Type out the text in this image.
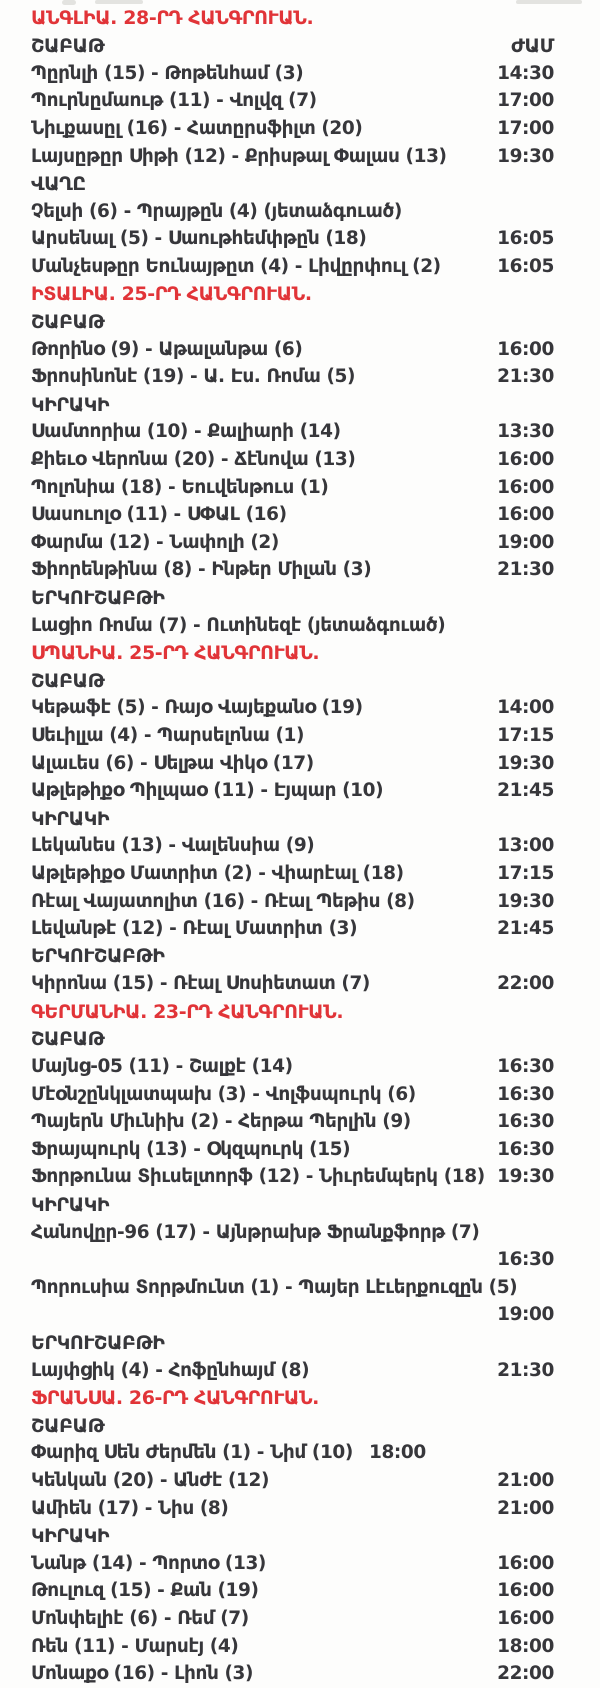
ԱՆԳԼԻԱ. 28-ՐԴ ՀԱՆԳՐՈՒԱՆ.
ՇԱԲԱԹ	ԺԱՄ
Պըրնլի (15) - Թոթենհամ (3)	14:30
Պուրնըմաութ (11) - Վոլվզ (7)	17:00
Նիւքասըլ (16) - Հատըրսֆիլտ (20)	17:00
Լայսըթըր Սիթի (12) - Քրիսթալ Փալաս (13)	19:30
ՎԱՂԸ
Չելսի (6) - Պրայթըն (4) (յետաձգուած)
Արսենալ (5) - Սաութհեմփթըն (18)	16:05
Մանչեսթըր Եունայթըտ (4) - Լիվըրփուլ (2)	16:05
ԻՏԱԼԻԱ. 25-ՐԴ ՀԱՆԳՐՈՒԱՆ.
ՇԱԲԱԹ
Թորինօ (9) - Աթալանթա (6)	16:00
Ֆրոսինոնէ (19) - Ա. Էս. Ռոմա (5)	21:30
ԿԻՐԱԿԻ
Սամտորիա (10) - Քալիարի (14)	13:30
Քիեւօ Վերոնա (20) - Ճէնովա (13)	16:00
Պոլոնիա (18) - Եուվենթուս (1)	16:00
Սասուոլօ (11) - ՍՓԱԼ (16)	16:00
Փարմա (12) - Նափոլի (2)	19:00
Ֆիորենթինա (8) - Ինթեր Միլան (3)	21:30
ԵՐԿՈՒՇԱԲԹԻ
Լացիո Ռոմա (7) - Ուտինեզէ (յետաձգուած)
ՍՊԱՆԻԱ. 25-ՐԴ ՀԱՆԳՐՈՒԱՆ.
ՇԱԲԱԹ
Կեթաֆէ (5) - Ռայօ Վայեքանօ (19)	14:00
Սեւիլլա (4) - Պարսելոնա (1)	17:15
Ալաւես (6) - Սելթա Վիկօ (17)	19:30
Աթլեթիքօ Պիլպաօ (11) - Էյպար (10)	21:45
ԿԻՐԱԿԻ
Լեկանես (13) - Վալենսիա (9)	13:00
Աթլեթիքօ Մատրիտ (2) - Վիարէալ (18)	17:15
Ռէալ Վայատոլիտ (16) - Ռէալ Պեթիս (8)	19:30
Լեվանթէ (12) - Ռէալ Մատրիտ (3)	21:45
ԵՐԿՈՒՇԱԲԹԻ
Կիրոնա (15) - Ռէալ Սոսիետատ (7)	22:00
ԳԵՐՄԱՆԻԱ. 23-ՐԴ ՀԱՆԳՐՈՒԱՆ.
ՇԱԲԱԹ
Մայնց-05 (11) - Շալքէ (14)	16:30
Մէօնշընկլատպախ (3) - Վոլֆսպուրկ (6)	16:30
Պայերն Միւնիխ (2) - Հերթա Պերլին (9)	16:30
Ֆրայպուրկ (13) - Օկզպուրկ (15)	16:30
Ֆորթունա Տիւսելտորֆ (12) - Նիւրեմպերկ (18) 19:30
ԿԻՐԱԿԻ
Հանովըր-96 (17) - Այնթրախթ Ֆրանքֆորթ (7)
16:30
Պորուսիա Տորթմունտ (1) - Պայեր Լէւերքուզըն (5)
19:00
ԵՐԿՈՒՇԱԲԹԻ
Լայփցիկ (4) - Հոֆընհայմ (8)	21:30
ՖՐԱՆՍԱ. 26-ՐԴ ՀԱՆԳՐՈՒԱՆ.
ՇԱԲԱԹ
Փարիզ Սեն Ժերմեն (1) - Նիմ (10) 18:00
Կենկան (20) - Անժէ (12)	21:00
Ամիեն (17) - Նիս (8)	21:00
ԿԻՐԱԿԻ
Նանթ (14) - Պորտօ (13)	16:00
Թուլուզ (15) - Քան (19)	16:00
Մոնփելիէ (6) - Ռեմ (7)	16:00
Ռեն (11) - Մարսէյ (4)	18:00
Մոնաքօ (16) - Լիոն (3)	22:00
